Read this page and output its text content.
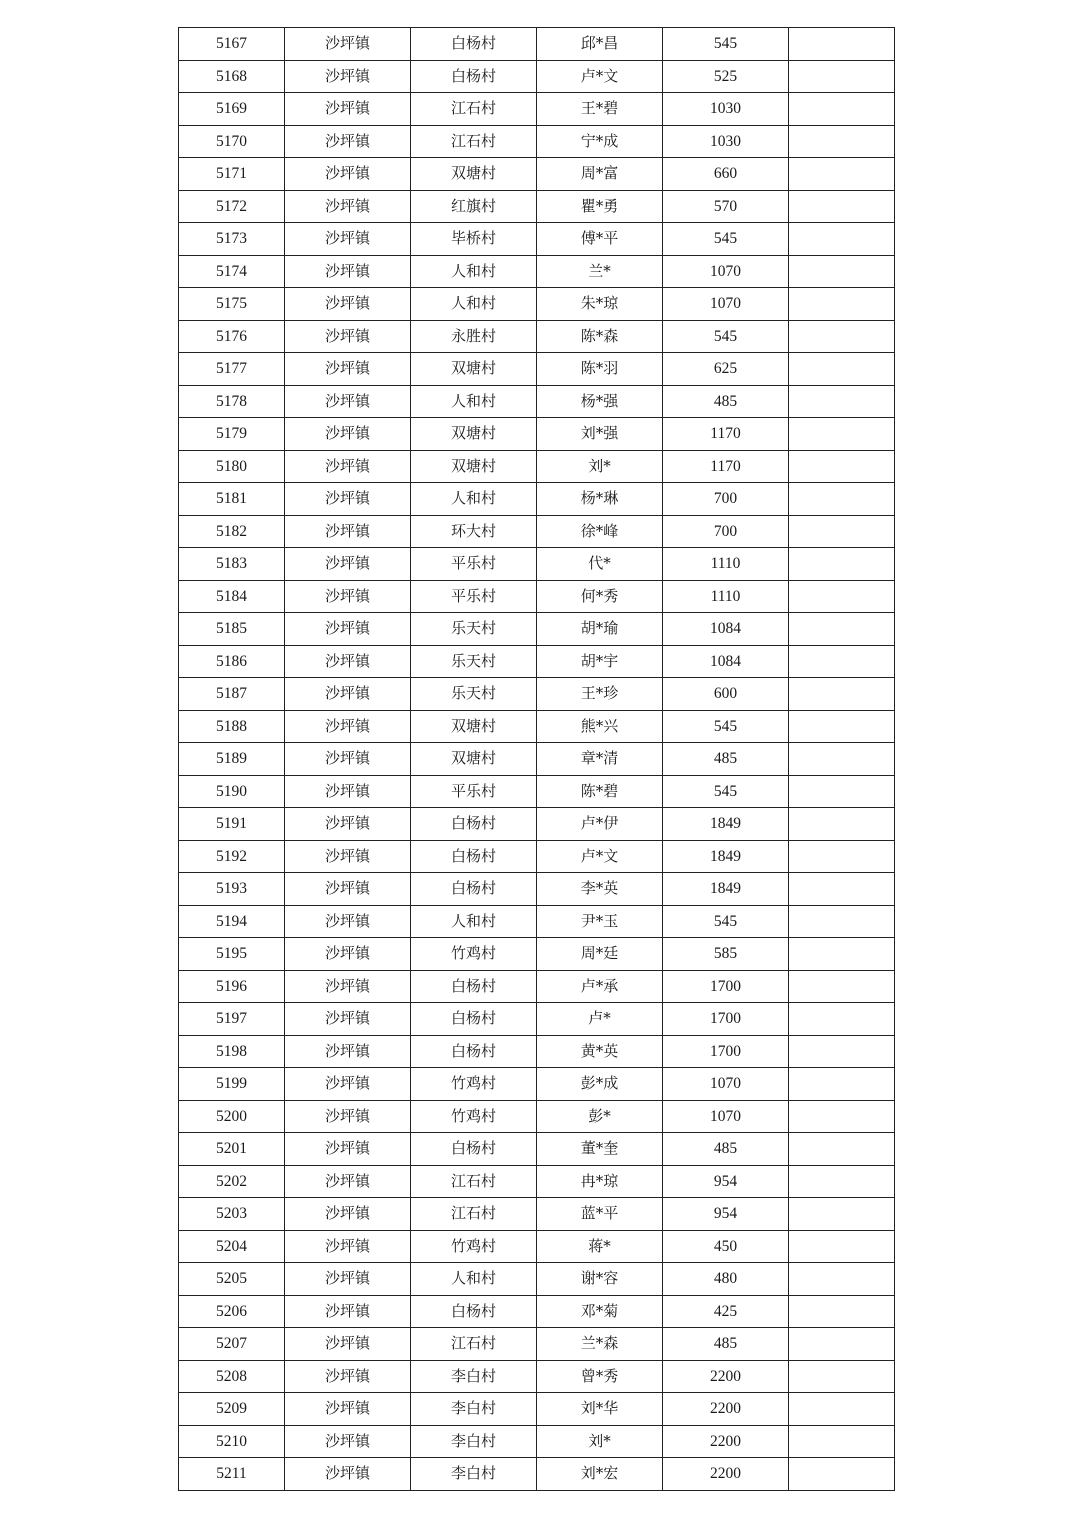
5167	沙坪镇	白杨村	邱*昌	545	
5168	沙坪镇	白杨村	卢*文	525	
5169	沙坪镇	江石村	王*碧	1030	
5170	沙坪镇	江石村	宁*成	1030	
5171	沙坪镇	双塘村	周*富	660	
5172	沙坪镇	红旗村	瞿*勇	570	
5173	沙坪镇	毕桥村	傅*平	545	
5174	沙坪镇	人和村	兰*	1070	
5175	沙坪镇	人和村	朱*琼	1070	
5176	沙坪镇	永胜村	陈*森	545	
5177	沙坪镇	双塘村	陈*羽	625	
5178	沙坪镇	人和村	杨*强	485	
5179	沙坪镇	双塘村	刘*强	1170	
5180	沙坪镇	双塘村	刘*	1170	
5181	沙坪镇	人和村	杨*琳	700	
5182	沙坪镇	环大村	徐*峰	700	
5183	沙坪镇	平乐村	代*	1110	
5184	沙坪镇	平乐村	何*秀	1110	
5185	沙坪镇	乐天村	胡*瑜	1084	
5186	沙坪镇	乐天村	胡*宇	1084	
5187	沙坪镇	乐天村	王*珍	600	
5188	沙坪镇	双塘村	熊*兴	545	
5189	沙坪镇	双塘村	章*清	485	
5190	沙坪镇	平乐村	陈*碧	545	
5191	沙坪镇	白杨村	卢*伊	1849	
5192	沙坪镇	白杨村	卢*文	1849	
5193	沙坪镇	白杨村	李*英	1849	
5194	沙坪镇	人和村	尹*玉	545	
5195	沙坪镇	竹鸡村	周*廷	585	
5196	沙坪镇	白杨村	卢*承	1700	
5197	沙坪镇	白杨村	卢*	1700	
5198	沙坪镇	白杨村	黄*英	1700	
5199	沙坪镇	竹鸡村	彭*成	1070	
5200	沙坪镇	竹鸡村	彭*	1070	
5201	沙坪镇	白杨村	董*奎	485	
5202	沙坪镇	江石村	冉*琼	954	
5203	沙坪镇	江石村	蓝*平	954	
5204	沙坪镇	竹鸡村	蒋*	450	
5205	沙坪镇	人和村	谢*容	480	
5206	沙坪镇	白杨村	邓*菊	425	
5207	沙坪镇	江石村	兰*森	485	
5208	沙坪镇	李白村	曾*秀	2200	
5209	沙坪镇	李白村	刘*华	2200	
5210	沙坪镇	李白村	刘*	2200	
5211	沙坪镇	李白村	刘*宏	2200	
